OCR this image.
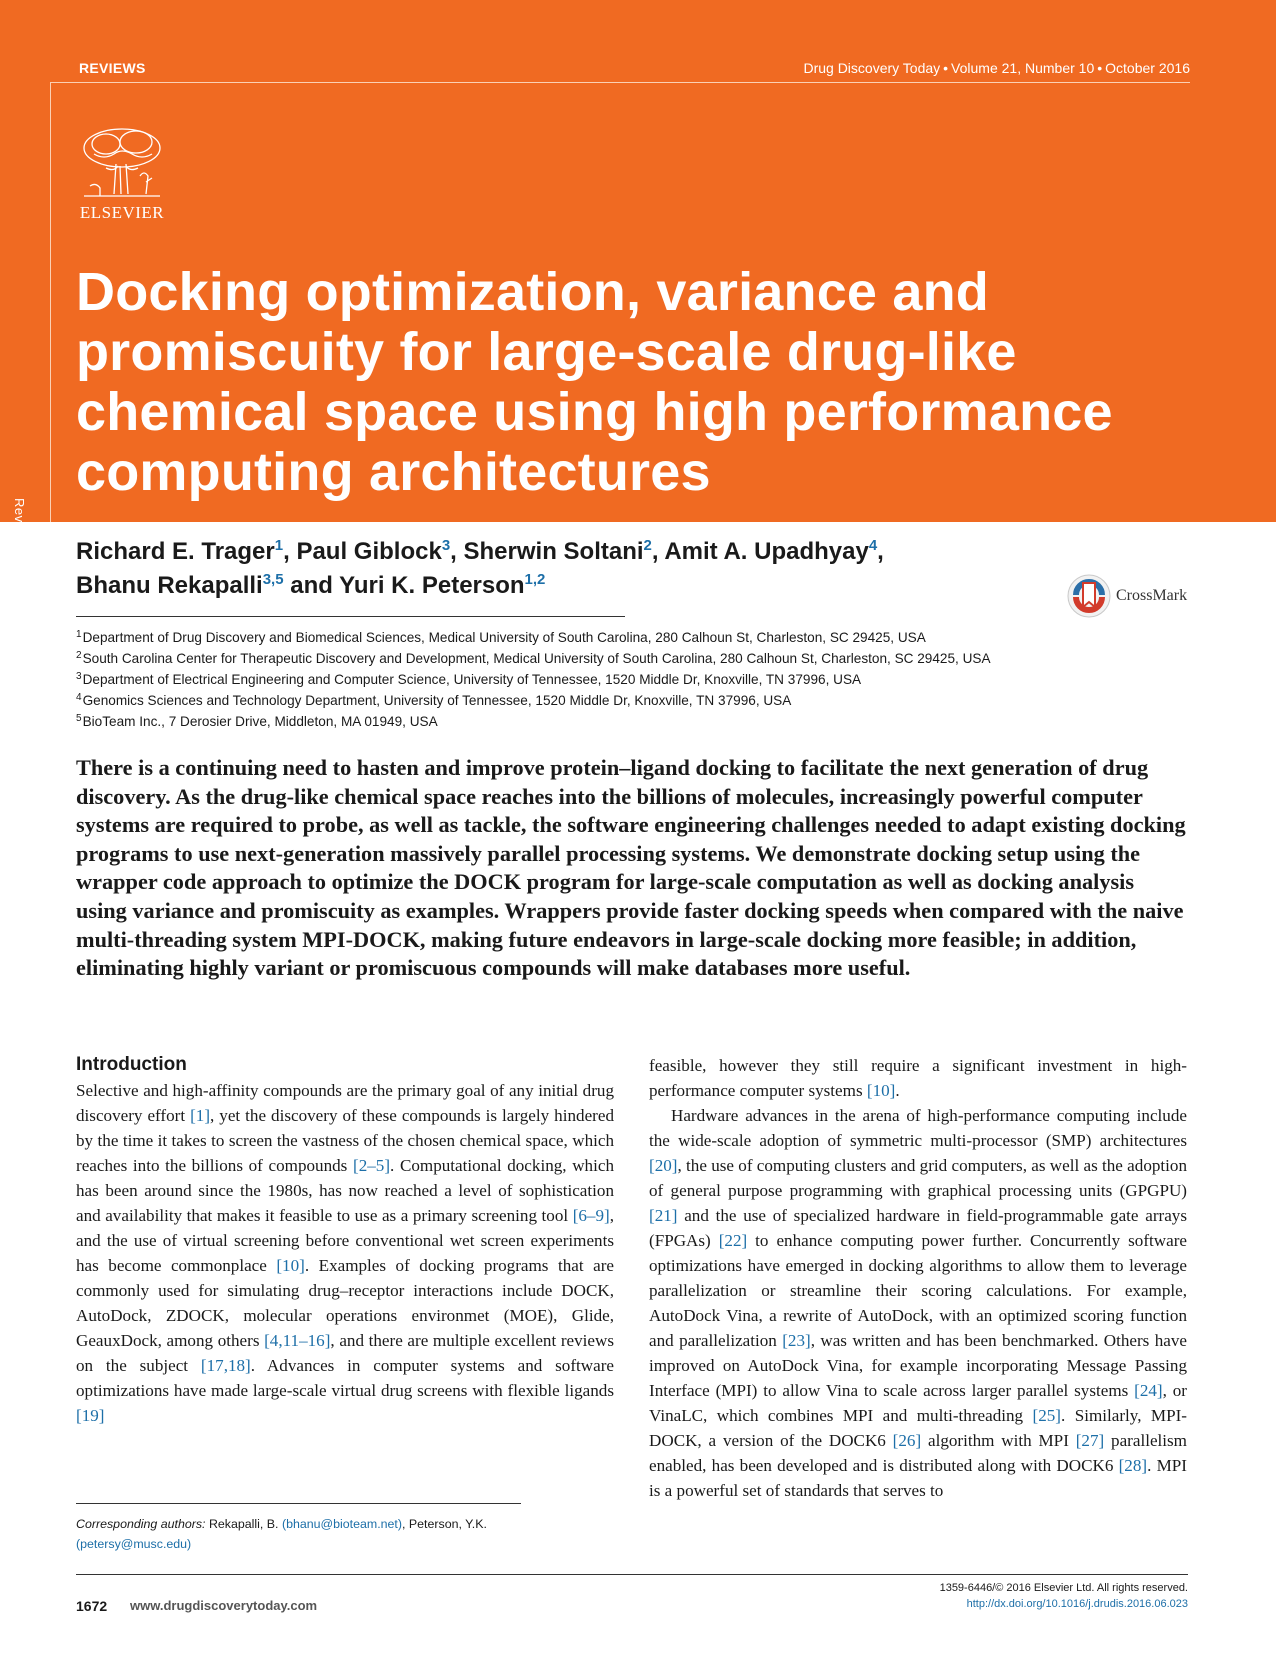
REVIEWS	Drug Discovery Today • Volume 21, Number 10 • October 2016
ELSEVIER
Reviews • INFORMATICS
Docking optimization, variance and promiscuity for large-scale drug-like chemical space using high performance computing architectures

Richard E. Trager$^1$, Paul Giblock$^3$, Sherwin Soltani$^2$, Amit A. Upadhyay$^4$,
Bhanu Rekapalli$^{3,5}$ and Yuri K. Peterson$^{1,2}$

CrossMark
$^1$Department of Drug Discovery and Biomedical Sciences, Medical University of South Carolina, 280 Calhoun St, Charleston, SC 29425, USA
$^2$South Carolina Center for Therapeutic Discovery and Development, Medical University of South Carolina, 280 Calhoun St, Charleston, SC 29425, USA
$^3$Department of Electrical Engineering and Computer Science, University of Tennessee, 1520 Middle Dr, Knoxville, TN 37996, USA
$^4$Genomics Sciences and Technology Department, University of Tennessee, 1520 Middle Dr, Knoxville, TN 37996, USA
$^5$BioTeam Inc., 7 Derosier Drive, Middleton, MA 01949, USA

There is a continuing need to hasten and improve protein–ligand docking to facilitate the next generation of drug discovery. As the drug-like chemical space reaches into the billions of molecules, increasingly powerful computer systems are required to probe, as well as tackle, the software engineering challenges needed to adapt existing docking programs to use next-generation massively parallel processing systems. We demonstrate docking setup using the wrapper code approach to optimize the DOCK program for large-scale computation as well as docking analysis using variance and promiscuity as examples. Wrappers provide faster docking speeds when compared with the naive multi-threading system MPI-DOCK, making future endeavors in large-scale docking more feasible; in addition, eliminating highly variant or promiscuous compounds will make databases more useful.

Introduction

Selective and high-affinity compounds are the primary goal of any initial drug discovery effort [1], yet the discovery of these compounds is largely hindered by the time it takes to screen the vastness of the chosen chemical space, which reaches into the billions of compounds [2–5]. Computational docking, which has been around since the 1980s, has now reached a level of sophistication and availability that makes it feasible to use as a primary screening tool [6–9], and the use of virtual screening before conventional wet screen experiments has become commonplace [10]. Examples of docking programs that are commonly used for simulating drug–receptor interactions include DOCK, AutoDock, ZDOCK, molecular operations environmet (MOE), Glide, GeauxDock, among others [4,11–16], and there are multiple excellent reviews on the subject [17,18]. Advances in computer systems and software optimizations have made large-scale virtual drug screens with flexible ligands [19]

feasible, however they still require a significant investment in high-performance computer systems [10].

Hardware advances in the arena of high-performance computing include the wide-scale adoption of symmetric multi-processor (SMP) architectures [20], the use of computing clusters and grid computers, as well as the adoption of general purpose programming with graphical processing units (GPGPU) [21] and the use of specialized hardware in field-programmable gate arrays (FPGAs) [22] to enhance computing power further. Concurrently software optimizations have emerged in docking algorithms to allow them to leverage parallelization or streamline their scoring calculations. For example, AutoDock Vina, a rewrite of AutoDock, with an optimized scoring function and parallelization [23], was written and has been benchmarked. Others have improved on AutoDock Vina, for example incorporating Message Passing Interface (MPI) to allow Vina to scale across larger parallel systems [24], or VinaLC, which combines MPI and multi-threading [25]. Similarly, MPI-DOCK, a version of the DOCK6 [26] algorithm with MPI [27] parallelism enabled, has been developed and is distributed along with DOCK6 [28]. MPI is a powerful set of standards that serves to

Corresponding authors: Rekapalli, B. (bhanu@bioteam.net), Peterson, Y.K.
(petersy@musc.edu)
1672 www.drugdiscoverytoday.com
1359-6446/© 2016 Elsevier Ltd. All rights reserved.
http://dx.doi.org/10.1016/j.drudis.2016.06.023
